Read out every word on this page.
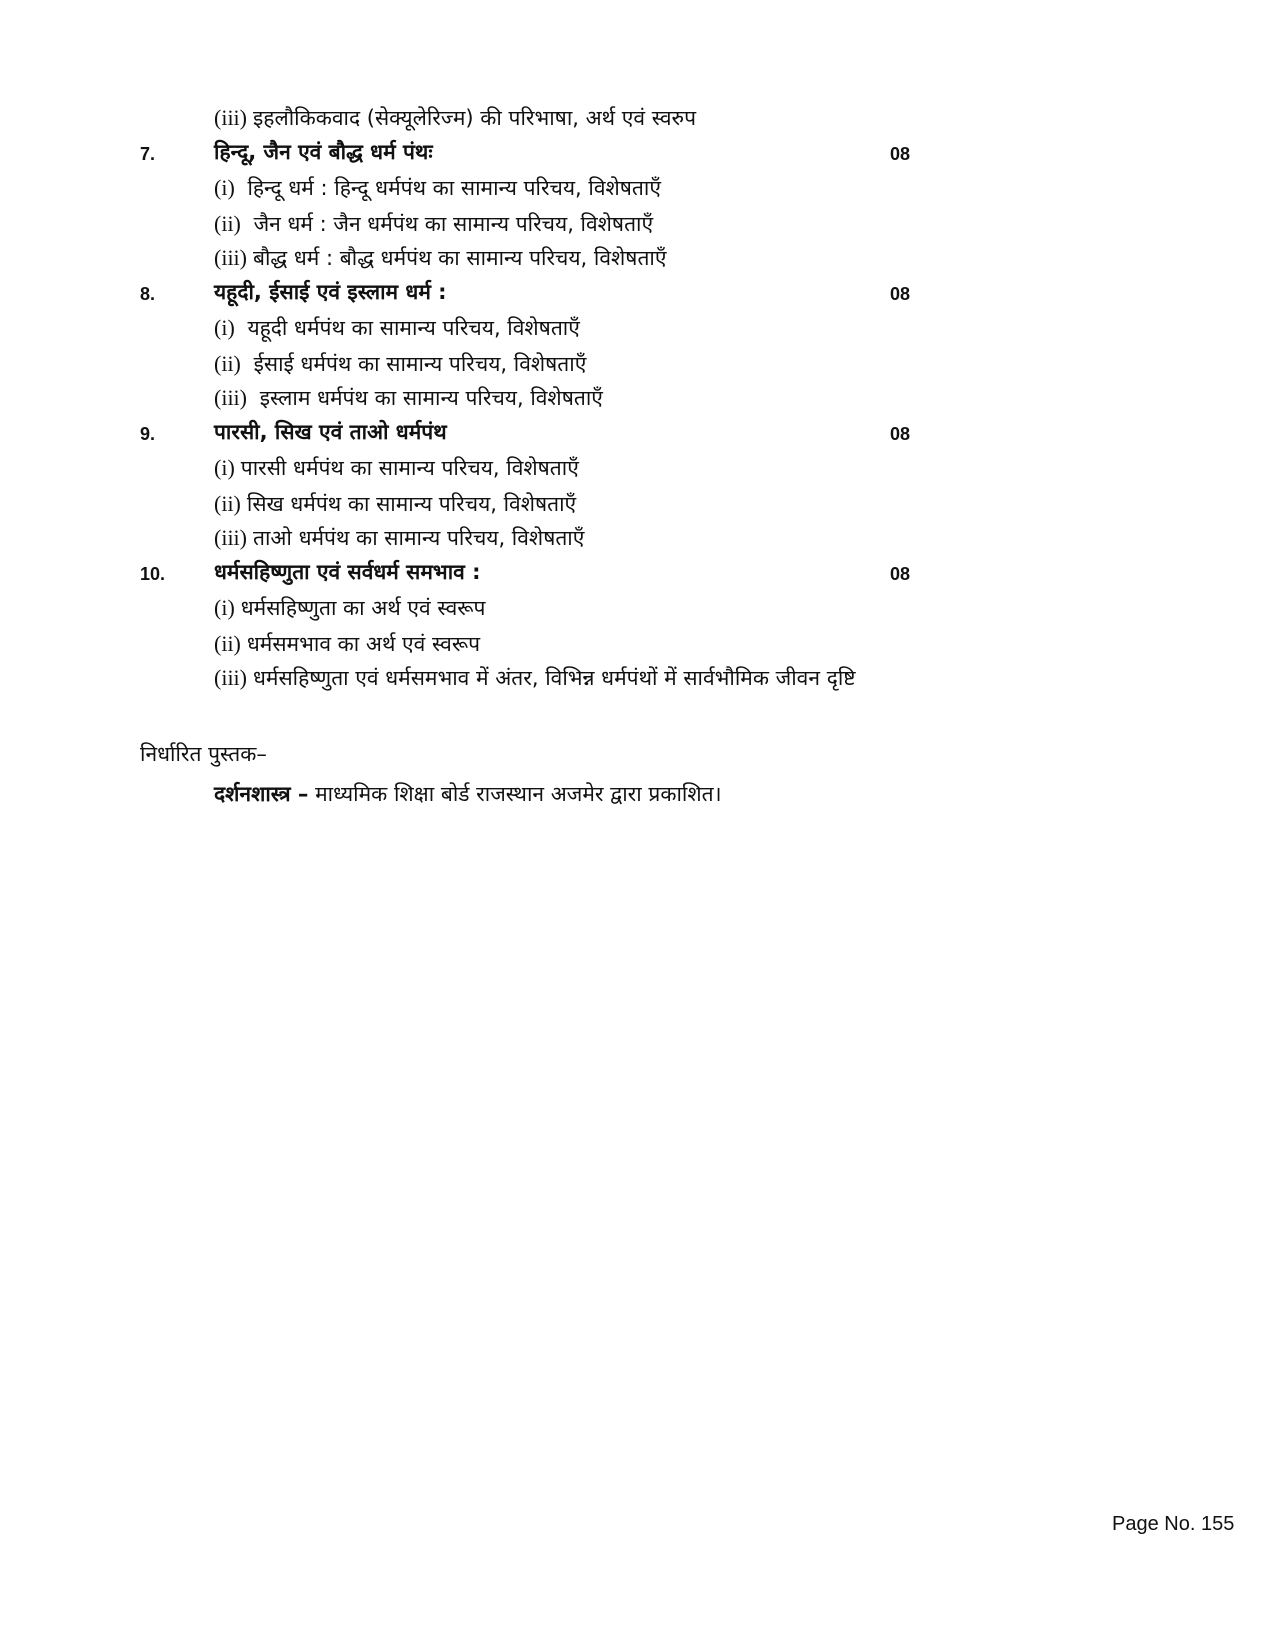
(iii) इहलौकिकवाद (सेक्यूलेरिज्म) की परिभाषा, अर्थ एवं स्वरुप
7.	हिन्दू, जैन एवं बौद्ध धर्म पंथः	08
(i) हिन्दू धर्म : हिन्दू धर्मपंथ का सामान्य परिचय, विशेषताएँ
(ii) जैन धर्म : जैन धर्मपंथ का सामान्य परिचय, विशेषताएँ
(iii) बौद्ध धर्म : बौद्ध धर्मपंथ का सामान्य परिचय, विशेषताएँ
8.	यहूदी, ईसाई एवं इस्लाम धर्म :	08
(i) यहूदी धर्मपंथ का सामान्य परिचय, विशेषताएँ
(ii) ईसाई धर्मपंथ का सामान्य परिचय, विशेषताएँ
(iii) इस्लाम धर्मपंथ का सामान्य परिचय, विशेषताएँ
9.	पारसी, सिख एवं ताओ धर्मपंथ	08
(i) पारसी धर्मपंथ का सामान्य परिचय, विशेषताएँ
(ii) सिख धर्मपंथ का सामान्य परिचय, विशेषताएँ
(iii) ताओ धर्मपंथ का सामान्य परिचय, विशेषताएँ
10. धर्मसहिष्णुता एवं सर्वधर्म समभाव :	08
(i) धर्मसहिष्णुता का अर्थ एवं स्वरूप
(ii) धर्मसमभाव का अर्थ एवं स्वरूप
(iii) धर्मसहिष्णुता एवं धर्मसमभाव में अंतर, विभिन्न धर्मपंथों में सार्वभौमिक जीवन दृष्टि
निर्धारित पुस्तक–
दर्शनशास्त्र – माध्यमिक शिक्षा बोर्ड राजस्थान अजमेर द्वारा प्रकाशित।
Page No. 155
